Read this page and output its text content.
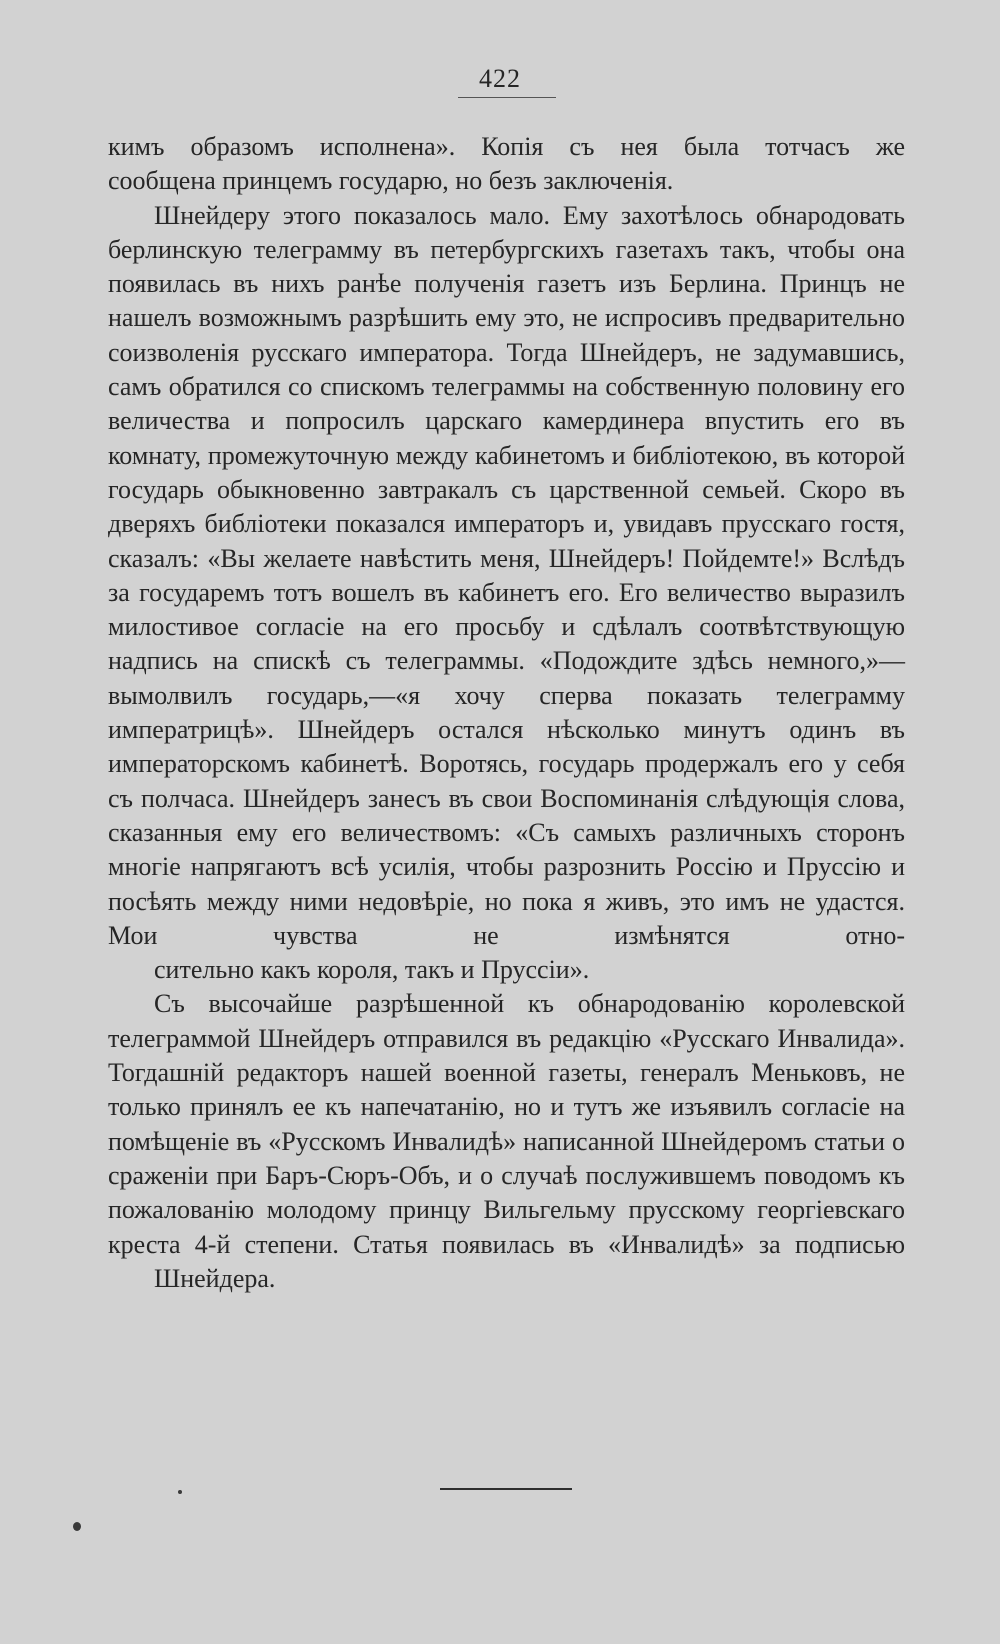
422

кимъ образомъ исполнена». Копія съ нея была тотчасъ же
сообщена принцемъ государю, но безъ заключенія.

Шнейдеру этого показалось мало. Ему захотѣлось обнародовать берлинскую телеграмму въ петербургскихъ газетахъ такъ, чтобы она появилась въ нихъ ранѣе полученія газетъ изъ Берлина. Принцъ не нашелъ возможнымъ разрѣшить ему это, не испросивъ предварительно соизволенія русскаго императора. Тогда Шнейдеръ, не задумавшись, самъ обратился со спискомъ телеграммы на собственную половину его величества и попросилъ царскаго камердинера впустить его въ комнату, промежуточную между кабинетомъ и библіотекою, въ которой государь обыкновенно завтракалъ съ царственной семьей. Скоро въ дверяхъ библіотеки показался императоръ и, увидавъ прусскаго гостя, сказалъ: «Вы желаете навѣстить меня, Шнейдеръ! Пойдемте!» Вслѣдъ за государемъ тотъ вошелъ въ кабинетъ его. Его величество выразилъ милостивое согласіе на его просьбу и сдѣлалъ соотвѣтствующую надпись на спискѣ съ телеграммы. «Подождите здѣсь немного,»—вымолвилъ государь,—«я хочу сперва показать телеграмму императрицѣ». Шнейдеръ остался нѣсколько минутъ одинъ въ императорскомъ кабинетѣ. Воротясь, государь продержалъ его у себя съ полчаса. Шнейдеръ занесъ въ свои Воспоминанія слѣдующія слова, сказанныя ему его величествомъ: «Съ самыхъ различныхъ сторонъ многіе напрягаютъ всѣ усилія, чтобы разрознить Россію и Пруссію и посѣять между ними недовѣріе, но пока я живъ, это имъ не удастся. Мои чувства не измѣнятся отно-
сительно какъ короля, такъ и Пруссіи».

Съ высочайше разрѣшенной къ обнародованію королевской телеграммой Шнейдеръ отправился въ редакцію «Русскаго Инвалида». Тогдашній редакторъ нашей военной газеты, генералъ Меньковъ, не только принялъ ее къ напечатанію, но и тутъ же изъявилъ согласіе на помѣщеніе въ «Русскомъ Инвалидѣ» написанной Шнейдеромъ статьи о сраженіи при Баръ-Сюръ-Объ, и о случаѣ послужившемъ поводомъ къ пожалованію молодому принцу Вильгельму прусскому георгіевскаго креста 4-й степени. Статья появилась въ «Инвалидѣ» за подписью
Шнейдера.
